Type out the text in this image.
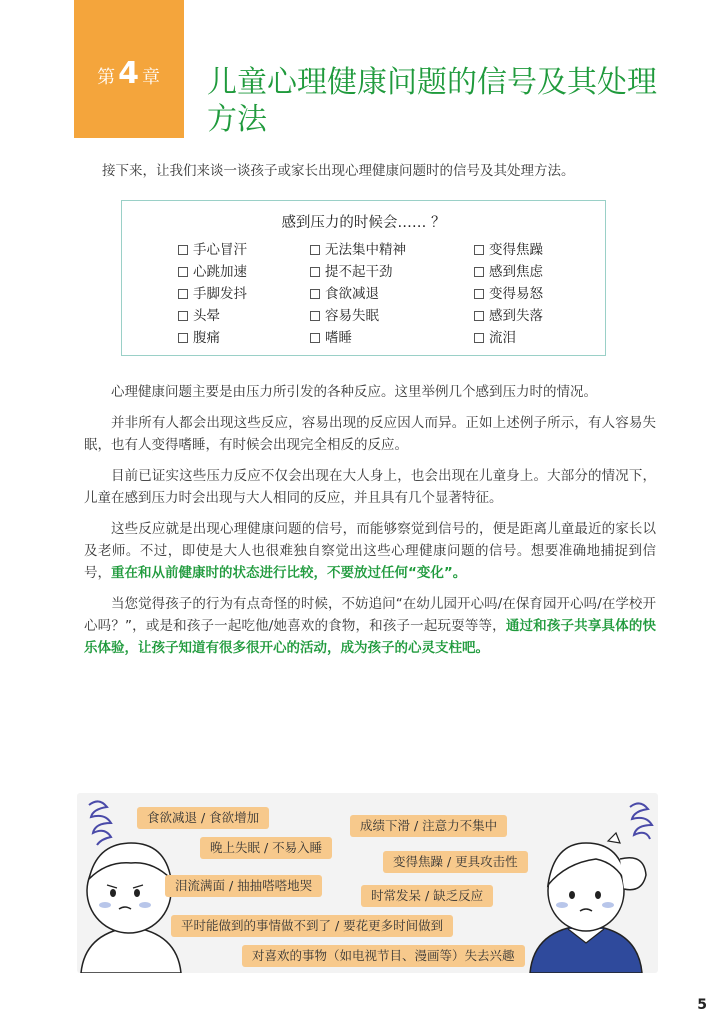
第4 章	儿童心理健康问题的信号及其处理
方法

接下来，让我们来谈一谈孩子或家长出现心理健康问题时的信号及其处理方法。

感到压力的时候会…… ？
手心冒汗
心跳加速
手脚发抖
头晕
腹痛
无法集中精神
提不起干劲
食欲减退
容易失眠
嗜睡
变得焦躁
感到焦虑
变得易怒
感到失落
流泪

心理健康问题主要是由压力所引发的各种反应。这里举例几个感到压力时的情况。

并非所有人都会出现这些反应，容易出现的反应因人而异。正如上述例子所示，有人容易失眠，也有人变得嗜睡，有时候会出现完全相反的反应。

目前已证实这些压力反应不仅会出现在大人身上，也会出现在儿童身上。大部分的情况下，儿童在感到压力时会出现与大人相同的反应，并且具有几个显著特征。

这些反应就是出现心理健康问题的信号，而能够察觉到信号的，便是距离儿童最近的家长以及老师。不过，即使是大人也很难独自察觉出这些心理健康问题的信号。想要准确地捕捉到信号，重在和从前健康时的状态进行比较，不要放过任何“变化”。

当您觉得孩子的行为有点奇怪的时候，不妨追问“在幼儿园开心吗/在保育园开心吗/在学校开心吗？”，或是和孩子一起吃他/她喜欢的食物，和孩子一起玩耍等等，通过和孩子共享具体的快乐体验，让孩子知道有很多很开心的活动，成为孩子的心灵支柱吧。

食欲减退 / 食欲增加
成绩下滑 / 注意力不集中
晚上失眠 / 不易入睡
变得焦躁 / 更具攻击性
泪流满面 / 抽抽嗒嗒地哭
时常发呆 / 缺乏反应
平时能做到的事情做不到了 / 要花更多时间做到
对喜欢的事物（如电视节目、漫画等）失去兴趣
5
